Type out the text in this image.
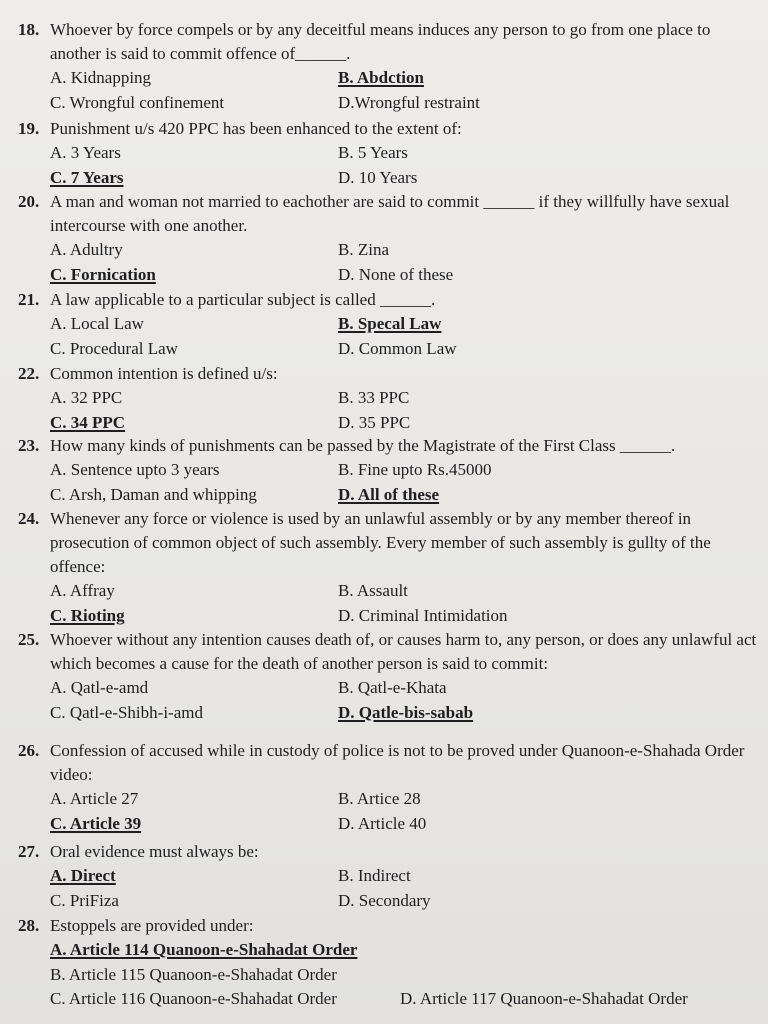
18. Whoever by force compels or by any deceitful means induces any person to go from one place to another is said to commit offence of______.
A. Kidnapping	B. Abdction
C. Wrongful confinement	D.Wrongful restraint
19. Punishment u/s 420 PPC has been enhanced to the extent of:
A. 3 Years	B. 5 Years
C. 7 Years	D. 10 Years
20. A man and woman not married to eachother are said to commit ______ if they willfully have sexual intercourse with one another.
A. Adultry	B. Zina
C. Fornication	D. None of these
21. A law applicable to a particular subject is called ______.
A. Local Law	B. Specal Law
C. Procedural Law	D. Common Law
22. Common intention is defined u/s:
A. 32 PPC	B. 33 PPC
C. 34 PPC	D. 35 PPC
23. How many kinds of punishments can be passed by the Magistrate of the First Class ______.
A. Sentence upto 3 years	B. Fine upto Rs.45000
C. Arsh, Daman and whipping	D. All of these
24. Whenever any force or violence is used by an unlawful assembly or by any member thereof in prosecution of common object of such assembly. Every member of such assembly is gullty of the offence:
A. Affray	B. Assault
C. Rioting	D. Criminal Intimidation
25. Whoever without any intention causes death of, or causes harm to, any person, or does any unlawful act which becomes a cause for the death of another person is said to commit:
A. Qatl-e-amd	B. Qatl-e-Khata
C. Qatl-e-Shibh-i-amd	D. Qatle-bis-sabab
26. Confession of accused while in custody of police is not to be proved under Quanoon-e-Shahada Order video:
A. Article 27	B. Artice 28
C. Article 39	D. Article 40
27. Oral evidence must always be:
A. Direct	B. Indirect
C. PriFiza	D. Secondary
28. Estoppels are provided under:
A. Article 114 Quanoon-e-Shahadat Order
B. Article 115 Quanoon-e-Shahadat Order
C. Article 116 Quanoon-e-Shahadat Order	D. Article 117 Quanoon-e-Shahadat Order
